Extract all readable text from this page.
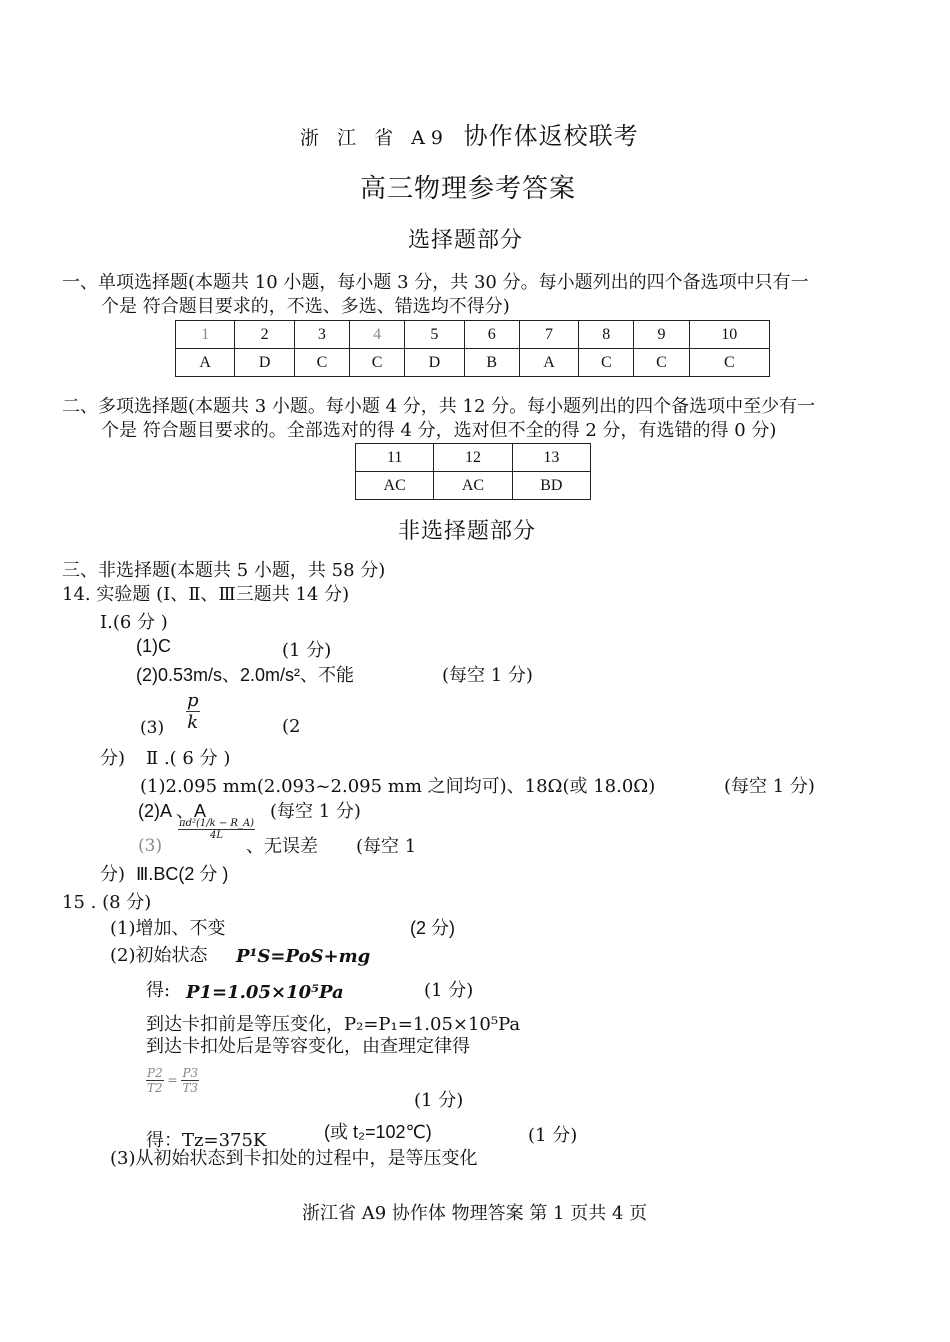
浙 江 省 A9 协作体返校联考
高三物理参考答案
选择题部分
一、单项选择题(本题共 10 小题，每小题 3 分，共 30 分。每小题列出的四个备选项中只有一
个是 符合题目要求的，不选、多选、错选均不得分)
1	2	3	4	5	6	7	8	9	10
A	D	C	C	D	B	A	C	C	C
二、多项选择题(本题共 3 小题。每小题 4 分，共 12 分。每小题列出的四个备选项中至少有一
个是 符合题目要求的。全部选对的得 4 分，选对但不全的得 2 分，有选错的得 0 分)
11	12	13
AC	AC	BD
非选择题部分
三、非选择题(本题共 5 小题，共 58 分)
14. 实验题 (I、Ⅱ、Ⅲ三题共 14 分)
I.(6 分 )
(1)C	(1 分)
(2)0.53m/s、2.0m/s²、不能	(每空 1 分)
$(3) \frac{p}{k}$	(2
分) Ⅱ .( 6 分 )
(1)2.095 mm(2.093~2.095 mm 之间均可)、18Ω(或 18.0Ω)	(每空 1 分)
(2)A 、A	(每空 1 分)
(3)
$\frac{\text{πd²(1/k − R\_A)}}{4L}$
、无误差 (每空 1
分) Ⅲ.BC(2 分 )
15 . (8 分)
(1)增加、不变	(2 分)
(2)初始状态 P¹S=PoS+mg
得: P1=1.05×10⁵Pa	(1 分)
到达卡扣前是等压变化，P₂=P₁=1.05×10⁵Pa
到达卡扣处后是等容变化，由查理定律得
$\frac{P2}{T2} = \frac{P3}{T3}$
(1 分)
得：Tz=375K	(或 t₂=102℃)	(1 分)
(3)从初始状态到卡扣处的过程中，是等压变化
浙江省 A9 协作体 物理答案 第 1 页共 4 页
